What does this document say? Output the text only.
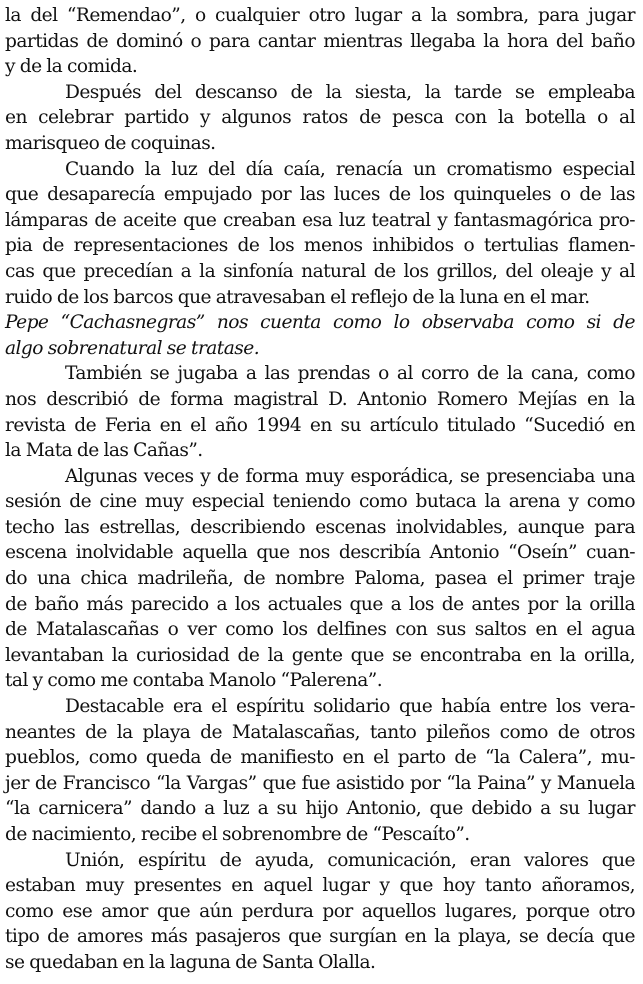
la del “Remendao”, o cualquier otro lugar a la sombra, para jugar
partidas de dominó o para cantar mientras llegaba la hora del baño
y de la comida.
Después del descanso de la siesta, la tarde se empleaba
en celebrar partido y algunos ratos de pesca con la botella o al
marisqueo de coquinas.
Cuando la luz del día caía, renacía un cromatismo especial
que desaparecía empujado por las luces de los quinqueles o de las
lámparas de aceite que creaban esa luz teatral y fantasmagórica pro-
pia de representaciones de los menos inhibidos o tertulias flamen-
cas que precedían a la sinfonía natural de los grillos, del oleaje y al
ruido de los barcos que atravesaban el reflejo de la luna en el mar.
Pepe “Cachasnegras” nos cuenta como lo observaba como si de
algo sobrenatural se tratase.
También se jugaba a las prendas o al corro de la cana, como
nos describió de forma magistral D. Antonio Romero Mejías en la
revista de Feria en el año 1994 en su artículo titulado “Sucedió en
la Mata de las Cañas”.
Algunas veces y de forma muy esporádica, se presenciaba una
sesión de cine muy especial teniendo como butaca la arena y como
techo las estrellas, describiendo escenas inolvidables, aunque para
escena inolvidable aquella que nos describía Antonio “Oseín” cuan-
do una chica madrileña, de nombre Paloma, pasea el primer traje
de baño más parecido a los actuales que a los de antes por la orilla
de Matalascañas o ver como los delfines con sus saltos en el agua
levantaban la curiosidad de la gente que se encontraba en la orilla,
tal y como me contaba Manolo “Palerena”.
Destacable era el espíritu solidario que había entre los vera-
neantes de la playa de Matalascañas, tanto pileños como de otros
pueblos, como queda de manifiesto en el parto de “la Calera”, mu-
jer de Francisco “la Vargas” que fue asistido por “la Paina” y Manuela
“la carnicera” dando a luz a su hijo Antonio, que debido a su lugar
de nacimiento, recibe el sobrenombre de “Pescaíto”.
Unión, espíritu de ayuda, comunicación, eran valores que
estaban muy presentes en aquel lugar y que hoy tanto añoramos,
como ese amor que aún perdura por aquellos lugares, porque otro
tipo de amores más pasajeros que surgían en la playa, se decía que
se quedaban en la laguna de Santa Olalla.
